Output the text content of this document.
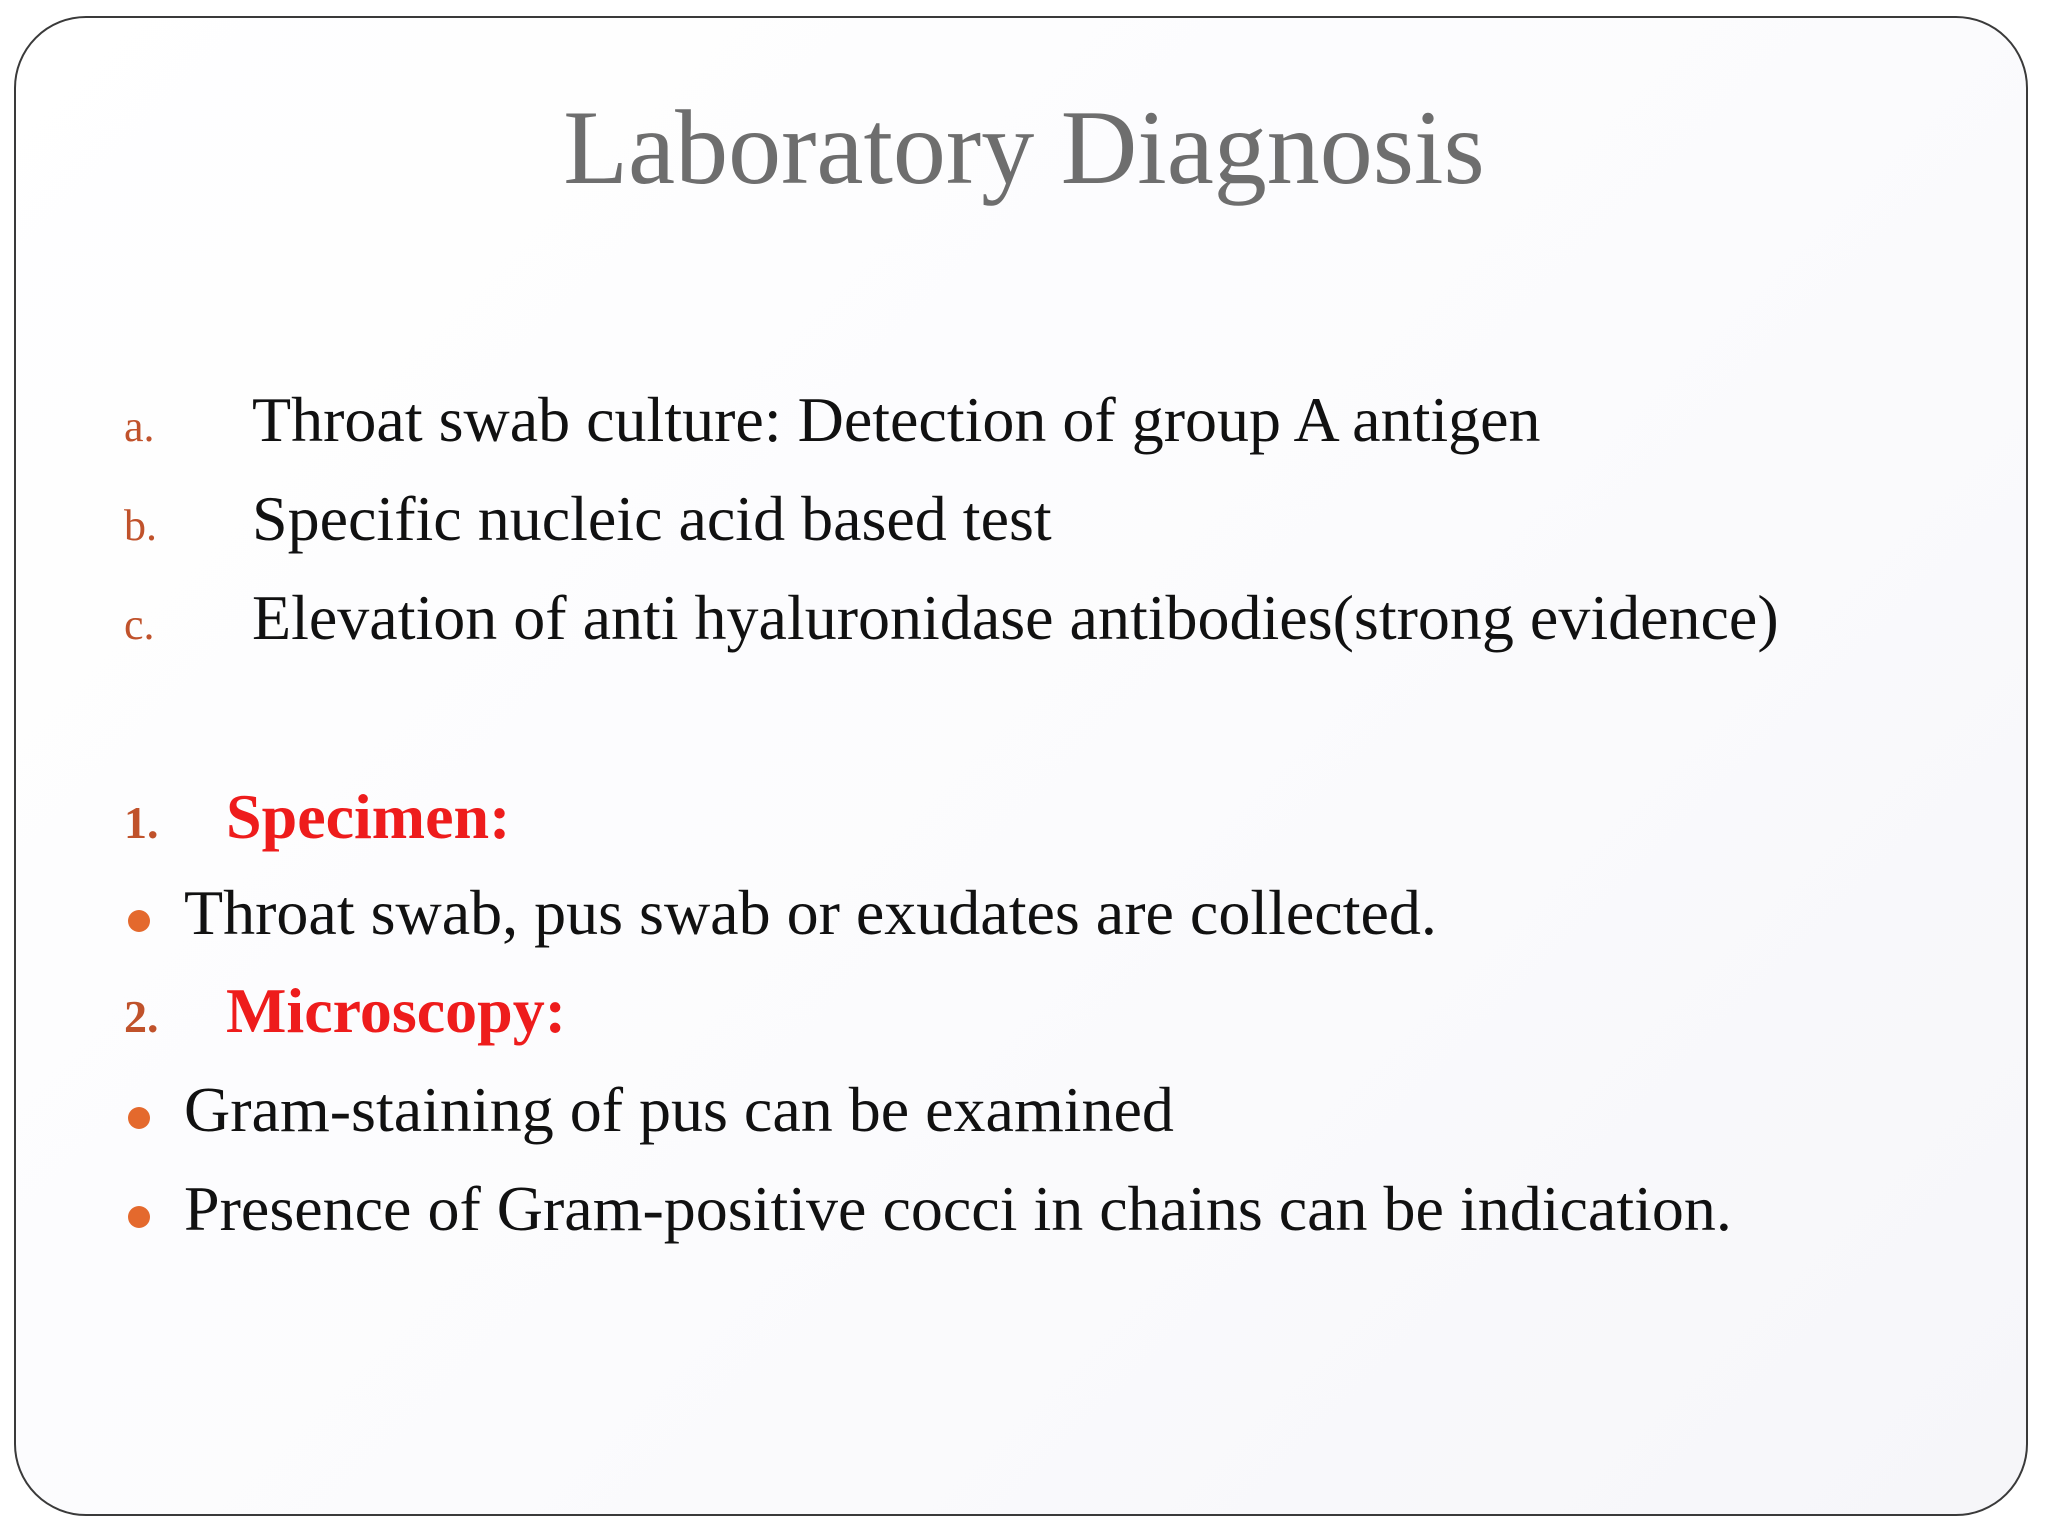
Laboratory Diagnosis
a. Throat swab culture: Detection of group A antigen
b. Specific nucleic acid based test
c. Elevation of anti hyaluronidase antibodies(strong evidence)
1. Specimen:
Throat swab, pus swab or exudates are collected.
2. Microscopy:
Gram-staining of pus can be examined
Presence of Gram-positive cocci in chains can be indication.
